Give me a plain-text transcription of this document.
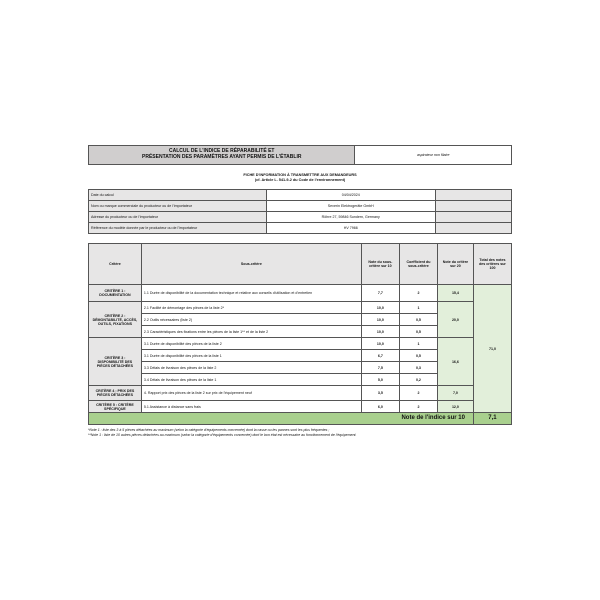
CALCUL DE L'INDICE DE RÉPARABILITÉ ET
PRÉSENTATION DES PARAMÈTRES AYANT PERMIS DE L'ÉTABLIR	aspirateur non filaire
FICHE D'INFORMATION À TRANSMETTRE AUX DEMANDEURS
(cf. Article L. 541-9-2 du Code de l'environnement)
Date du calcul	04/04/2024	
Nom ou marque commerciale du producteur ou de l'importateur	Severin Elektrogeräte GmbH	
Adresse du producteur ou de l'importateur	Röhre 27, 59846 Sundern, Germany	
Référence du modèle donnée par le producteur ou de l'importateur	HV 7966	
Critère	Sous-critère	Note du sous-critère sur 10	Coefficient du sous-critère	Note du critère sur 20	Total des notes des critères sur 100
CRITÈRE 1 : DOCUMENTATION	1.1 Durée de disponibilité de la documentation technique et relative aux conseils d'utilisation et d'entretien	7,7	2	15,4	71,0
CRITÈRE 2 : DÉMONTABILITÉ, ACCÈS, OUTILS, FIXATIONS	2.1 Facilité de démontage des pièces de la liste 2*	10,0	1	20,0	
	2.2 Outils nécessaires (liste 2)	10,0	0,5		
	2.3 Caractéristiques des fixations entre les pièces de la liste 1** et de la liste 2	10,0	0,5		
CRITÈRE 3 : DISPONIBILITÉ DES PIÈCES DÉTACHÉES	3.1 Durée de disponibilité des pièces de la liste 2	10,0	1	16,6	
	3.1 Durée de disponibilité des pièces de la liste 1	6,7	0,5		
	3.3 Délais de livraison des pièces de la liste 2	7,5	0,3		
	3.4 Délais de livraison des pièces de la liste 1	5,0	0,2		
CRITÈRE 4 : PRIX DES PIÈCES DÉTACHÉES	4. Rapport prix des pièces de la liste 2 sur prix de l'équipement neuf	3,5	2	7,0	
CRITÈRE 5 : CRITÈRE SPÉCIFIQUE	5.1 Assistance à distance sans frais	6,0	2	12,0	
Note de l'indice sur 10					7,1
*Note 1 : liste des 3 à 5 pièces détachées au maximum (selon la catégorie d'équipements concernée) dont la casse ou les pannes sont les plus fréquentes ;
**Note 1 : liste de 10 autres pièces détachées au maximum (selon la catégorie d'équipements concernée) dont le bon état est nécessaire au fonctionnement de l'équipement.
